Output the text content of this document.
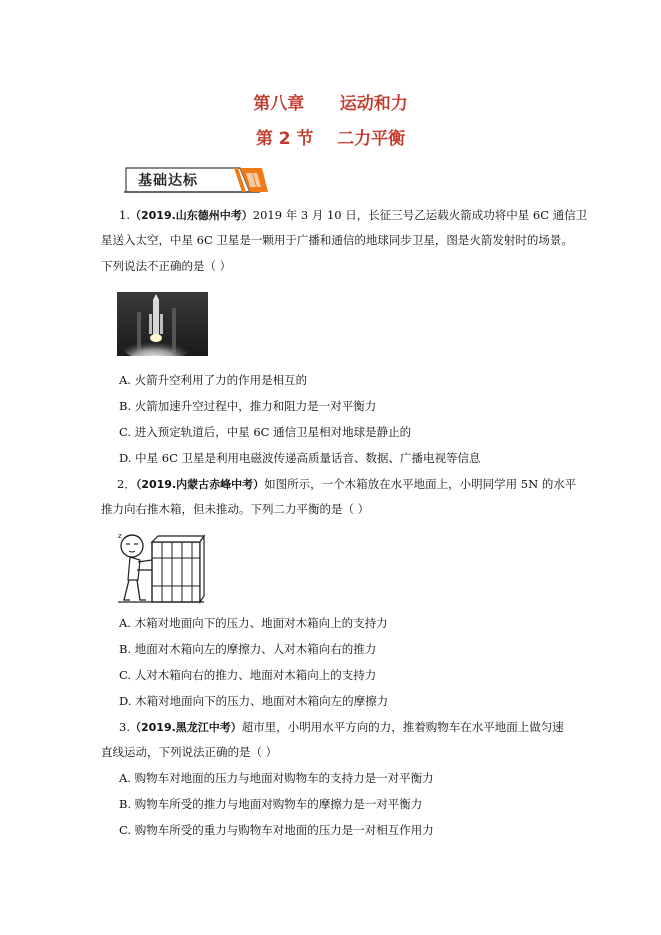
第八章      运动和力
第 2 节    二力平衡
基础达标
1.（2019.山东德州中考）2019 年 3 月 10 日，长征三号乙运载火箭成功将中星 6C 通信卫
星送入太空，中星 6C 卫星是一颗用于广播和通信的地球同步卫星，图是火箭发射时的场景。
下列说法不正确的是（ ）
A. 火箭升空利用了力的作用是相互的
B. 火箭加速升空过程中，推力和阻力是一对平衡力
C. 进入预定轨道后，中星 6C 通信卫星相对地球是静止的
D. 中星 6C 卫星是利用电磁波传递高质量话音、数据、广播电视等信息
2．（2019.内蒙古赤峰中考）如图所示，一个木箱放在水平地面上，小明同学用 5N 的水平
推力向右推木箱，但未推动。下列二力平衡的是（ ）
z
A. 木箱对地面向下的压力、地面对木箱向上的支持力
B. 地面对木箱向左的摩擦力、人对木箱向右的推力
C. 人对木箱向右的推力、地面对木箱向上的支持力
D. 木箱对地面向下的压力、地面对木箱向左的摩擦力
3.（2019.黑龙江中考）超市里，小明用水平方向的力，推着购物车在水平地面上做匀速
直线运动，下列说法正确的是（ ）
A. 购物车对地面的压力与地面对购物车的支持力是一对平衡力
B. 购物车所受的推力与地面对购物车的摩擦力是一对平衡力
C. 购物车所受的重力与购物车对地面的压力是一对相互作用力
